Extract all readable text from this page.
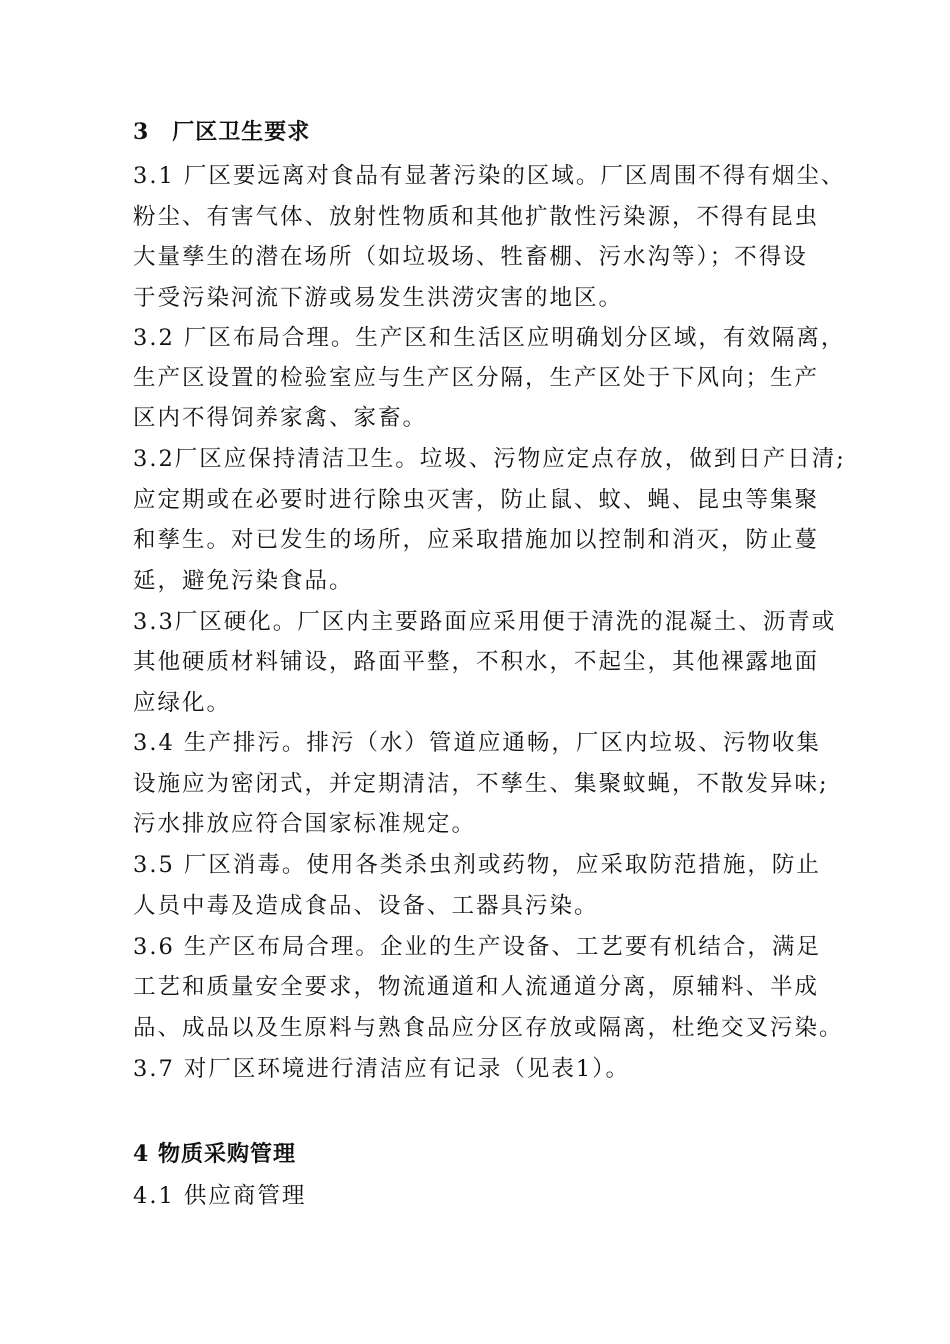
3　厂区卫生要求
3.1 厂区要远离对食品有显著污染的区域。厂区周围不得有烟尘、
粉尘、有害气体、放射性物质和其他扩散性污染源，不得有昆虫
大量孳生的潜在场所（如垃圾场、牲畜棚、污水沟等）；不得设
于受污染河流下游或易发生洪涝灾害的地区。
3.2 厂区布局合理。生产区和生活区应明确划分区域，有效隔离，
生产区设置的检验室应与生产区分隔，生产区处于下风向；生产
区内不得饲养家禽、家畜。
3.2厂区应保持清洁卫生。垃圾、污物应定点存放，做到日产日清;
应定期或在必要时进行除虫灭害，防止鼠、蚊、蝇、昆虫等集聚
和孳生。对已发生的场所，应采取措施加以控制和消灭，防止蔓
延，避免污染食品。
3.3厂区硬化。厂区内主要路面应采用便于清洗的混凝土、沥青或
其他硬质材料铺设，路面平整，不积水，不起尘，其他裸露地面
应绿化。
3.4 生产排污。排污（水）管道应通畅，厂区内垃圾、污物收集
设施应为密闭式，并定期清洁，不孳生、集聚蚊蝇，不散发异味;
污水排放应符合国家标准规定。
3.5 厂区消毒。使用各类杀虫剂或药物，应采取防范措施，防止
人员中毒及造成食品、设备、工器具污染。
3.6 生产区布局合理。企业的生产设备、工艺要有机结合，满足
工艺和质量安全要求，物流通道和人流通道分离，原辅料、半成
品、成品以及生原料与熟食品应分区存放或隔离，杜绝交叉污染。
3.7 对厂区环境进行清洁应有记录（见表1）。
4 物质采购管理
4.1 供应商管理
